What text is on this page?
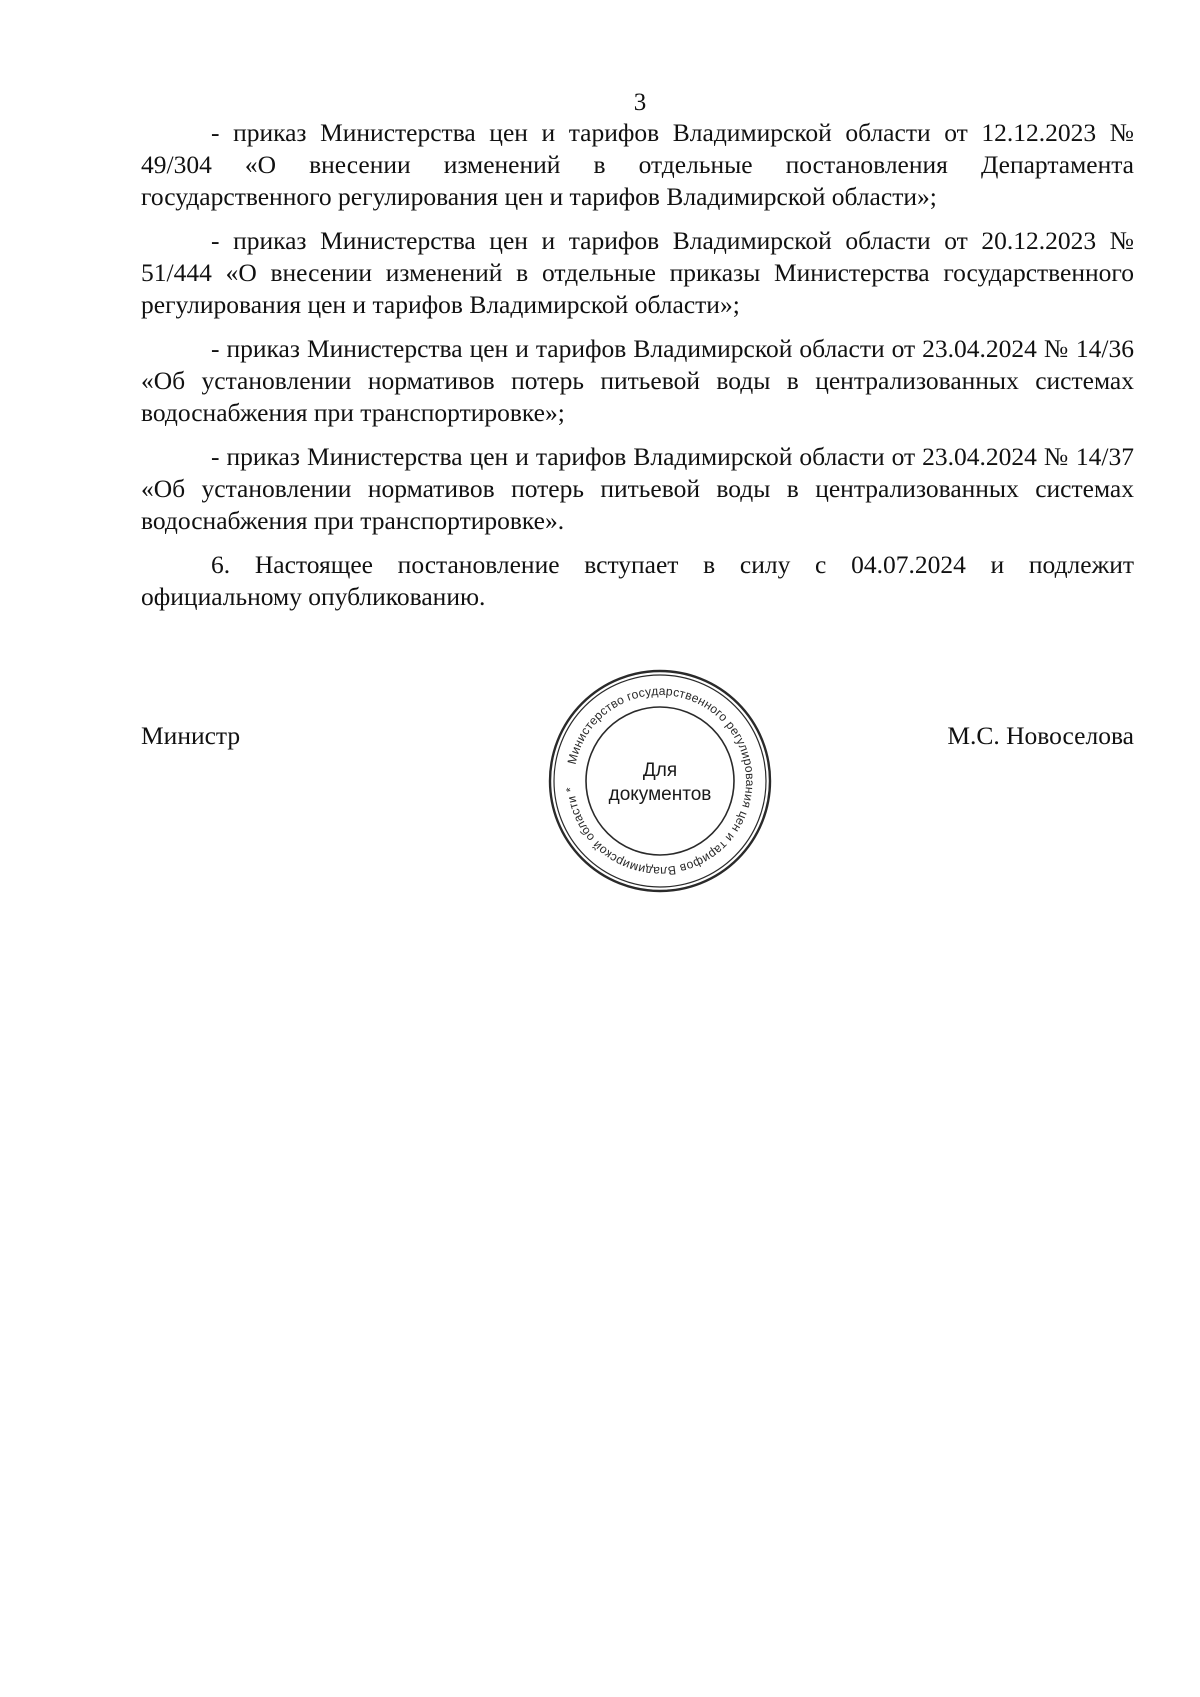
3

- приказ Министерства цен и тарифов Владимирской области от 12.12.2023 № 49/304 «О внесении изменений в отдельные постановления Департамента государственного регулирования цен и тарифов Владимирской области»;

- приказ Министерства цен и тарифов Владимирской области от 20.12.2023 № 51/444 «О внесении изменений в отдельные приказы Министерства государственного регулирования цен и тарифов Владимирской области»;

- приказ Министерства цен и тарифов Владимирской области от 23.04.2024 № 14/36 «Об установлении нормативов потерь питьевой воды в централизованных системах водоснабжения при транспортировке»;

- приказ Министерства цен и тарифов Владимирской области от 23.04.2024 № 14/37 «Об установлении нормативов потерь питьевой воды в централизованных системах водоснабжения при транспортировке».

6. Настоящее постановление вступает в силу с 04.07.2024 и подлежит официальному опубликованию.

Министр	М.С. Новоселова
Министерство государственного регулирования цен и тарифов Владимирской области *
Для
документов
